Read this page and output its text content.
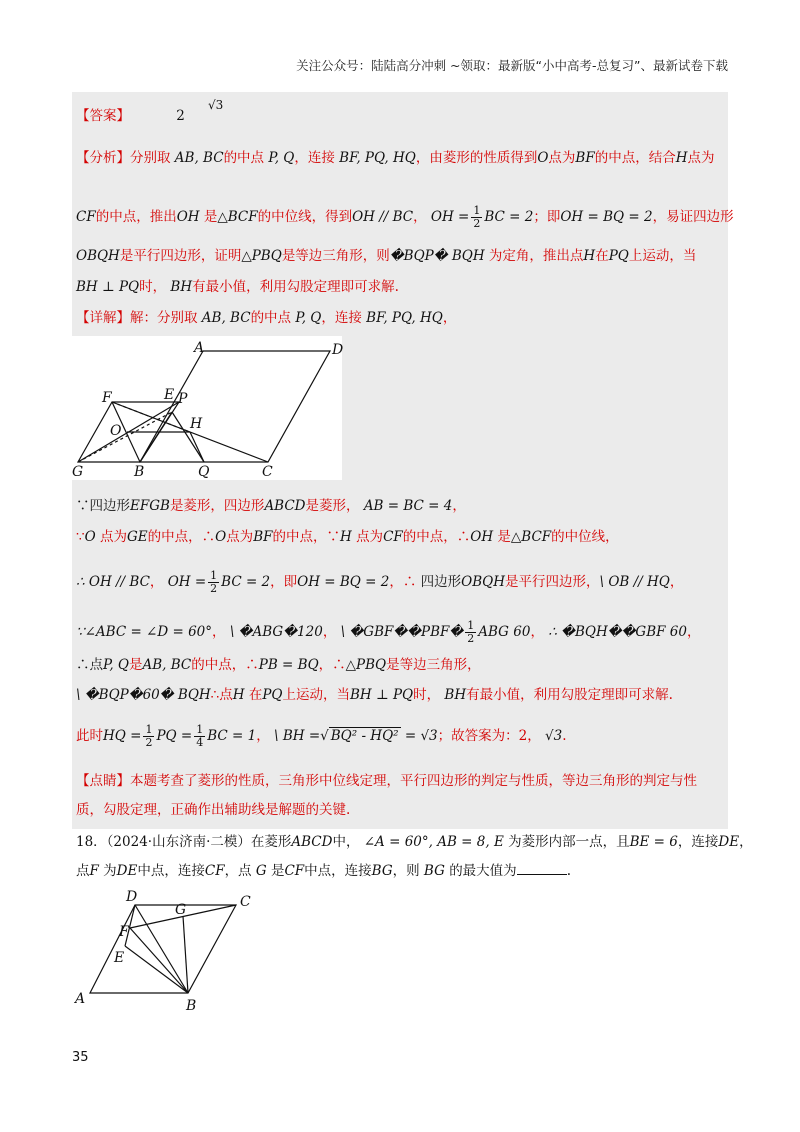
关注公众号：陆陆高分冲刺 ~领取：最新版“小中高考-总复习”、最新试卷下载
【答案】	2
√3
【分析】分别取 AB, BC的中点 P, Q，连接 BF, PQ, HQ，由菱形的性质得到O点为BF的中点，结合H点为
CF的中点，推出OH 是△BCF的中位线，得到OH // BC， OH = $\frac{1}{2}$ BC = 2；即OH = BQ = 2，易证四边形
OBQH是平行四边形，证明△PBQ是等边三角形，则�BQP� BQH 为定角，推出点H在PQ上运动，当
BH ⊥ PQ时， BH有最小值，利用勾股定理即可求解.
【详解】解：分别取 AB, BC的中点 P, Q，连接 BF, PQ, HQ，
A	D
F	E P
O	H
G	B	Q	C
∵四边形EFGB是菱形，四边形ABCD是菱形， AB = BC = 4，
∵O 点为GE的中点，∴O点为BF的中点，∵H 点为CF的中点，∴OH 是△BCF的中位线，
∴ OH // BC， OH = $\frac{1}{2}$ BC = 2，即OH = BQ = 2，∴ 四边形OBQH是平行四边形，\ OB // HQ，
∵∠ABC = ∠D = 60°， \ �ABG�120， \ �GBF��PBF� $\frac{1}{2}$ ABG 60， ∴ �BQH��GBF 60，
∴点P, Q是AB, BC的中点，∴PB = BQ，∴△PBQ是等边三角形，
\ �BQP�60� BQH∴点H 在PQ上运动，当BH ⊥ PQ时， BH有最小值，利用勾股定理即可求解.
此时HQ = $\frac{1}{2}$ PQ = $\frac{1}{4}$ BC = 1， \ BH =√ BQ² - HQ² = √3；故答案为：2， √3.
【点睛】本题考查了菱形的性质，三角形中位线定理，平行四边形的判定与性质，等边三角形的判定与性
质，勾股定理，正确作出辅助线是解题的关键.
18．（2024·山东济南·二模）在菱形ABCD中， ∠A = 60°, AB = 8, E 为菱形内部一点，且BE = 6，连接DE，
点F 为DE中点，连接CF，点 G 是CF中点，连接BG，则 BG 的最大值为	.
D
G	C
F
E
A	B
35
